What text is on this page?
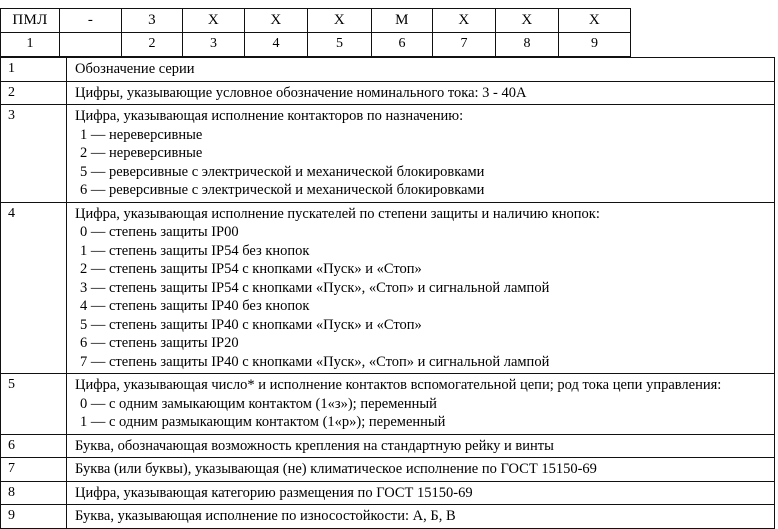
ПМЛ	-	3	X	X	X	М	X	X	X
1		2	3	4	5	6	7	8	9
1	Обозначение серии

2	Цифры, указывающие условное обозначение номинального тока: 3 - 40А

3	Цифра, указывающая исполнение контакторов по назначению:
1 — нереверсивные
2 — нереверсивные
5 — реверсивные с электрической и механической блокировками
6 — реверсивные с электрической и механической блокировками

4	Цифра, указывающая исполнение пускателей по степени защиты и наличию кнопок:
0 — степень защиты IP00
1 — степень защиты IP54 без кнопок
2 — степень защиты IP54 с кнопками «Пуск» и «Стоп»
3 — степень защиты IP54 с кнопками «Пуск», «Стоп» и сигнальной лампой
4 — степень защиты IP40 без кнопок
5 — степень защиты IP40 с кнопками «Пуск» и «Стоп»
6 — степень защиты IP20
7 — степень защиты IP40 с кнопками «Пуск», «Стоп» и сигнальной лампой

5	Цифра, указывающая число* и исполнение контактов вспомогательной цепи; род тока цепи управления:
0 — с одним замыкающим контактом (1«з»); переменный
1 — с одним размыкающим контактом (1«р»); переменный

6	Буква, обозначающая возможность крепления на стандартную рейку и винты

7	Буква (или буквы), указывающая (не) климатическое исполнение по ГОСТ 15150-69

8	Цифра, указывающая категорию размещения по ГОСТ 15150-69

9	Буква, указывающая исполнение по износостойкости: А, Б, В
